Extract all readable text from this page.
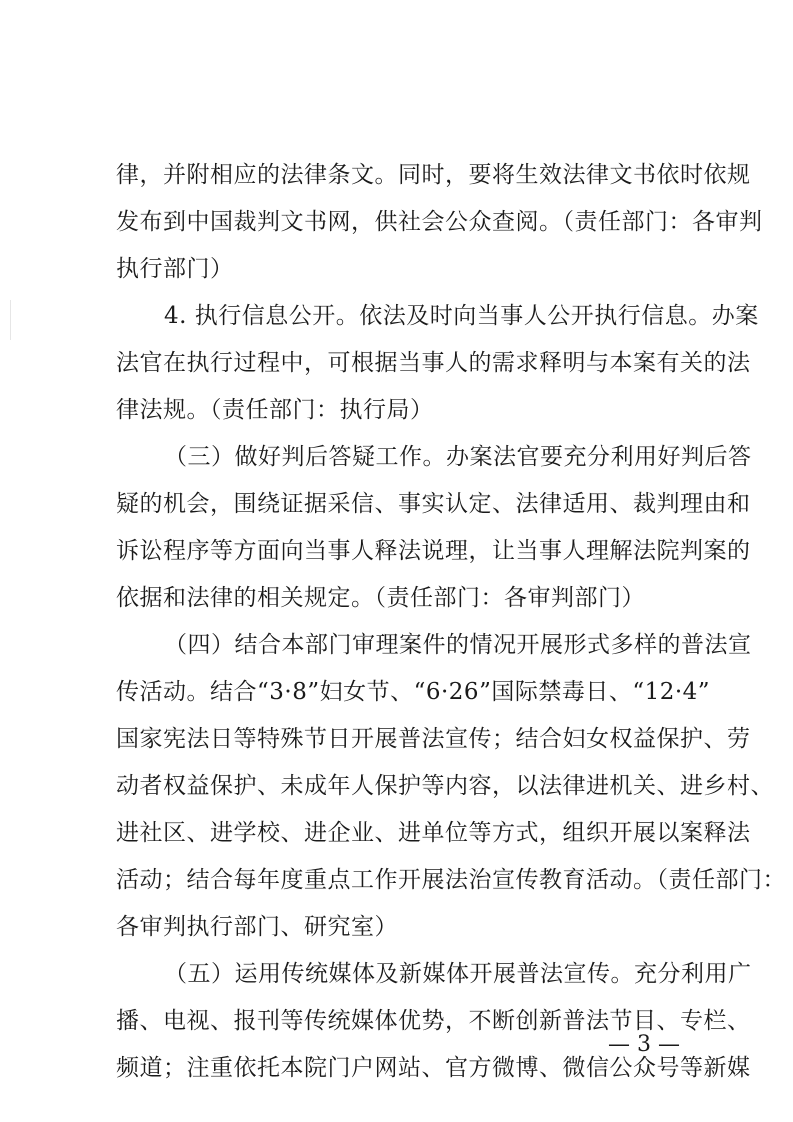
律，并附相应的法律条文。同时，要将生效法律文书依时依规
发布到中国裁判文书网，供社会公众查阅。（责任部门：各审判
执行部门）
4. 执行信息公开。依法及时向当事人公开执行信息。办案
法官在执行过程中，可根据当事人的需求释明与本案有关的法
律法规。（责任部门：执行局）
（三）做好判后答疑工作。办案法官要充分利用好判后答
疑的机会，围绕证据采信、事实认定、法律适用、裁判理由和
诉讼程序等方面向当事人释法说理，让当事人理解法院判案的
依据和法律的相关规定。（责任部门：各审判部门）
（四）结合本部门审理案件的情况开展形式多样的普法宣
传活动。结合“3·8”妇女节、“6·26”国际禁毒日、“12·4”
国家宪法日等特殊节日开展普法宣传；结合妇女权益保护、劳
动者权益保护、未成年人保护等内容，以法律进机关、进乡村、
进社区、进学校、进企业、进单位等方式，组织开展以案释法
活动；结合每年度重点工作开展法治宣传教育活动。（责任部门：
各审判执行部门、研究室）
（五）运用传统媒体及新媒体开展普法宣传。充分利用广
播、电视、报刊等传统媒体优势，不断创新普法节目、专栏、
频道；注重依托本院门户网站、官方微博、微信公众号等新媒
— 3 —
